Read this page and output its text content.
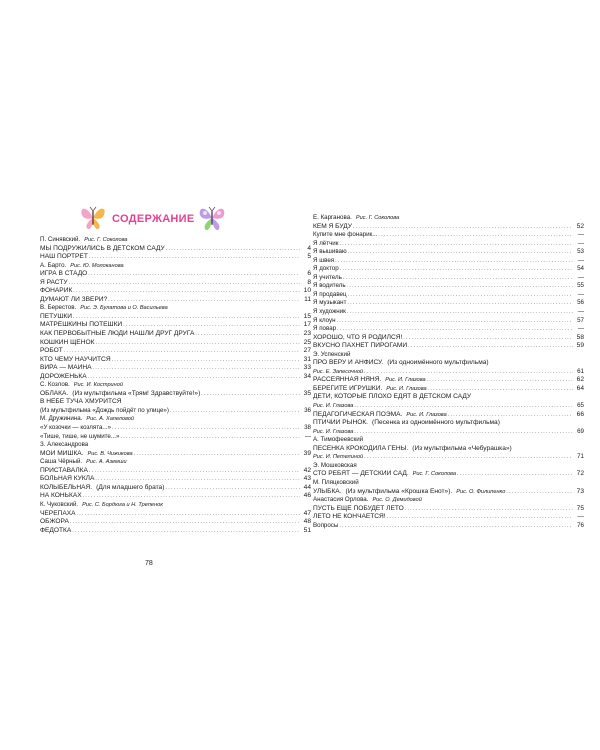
СОДЕРЖАНИЕ
П. Синявский. Рис. Г. Соколова
МЫ ПОДРУЖИЛИСЬ В ДЕТСКОМ САДУ . . .	4
НАШ ПОРТРЕТ . . .	5
А. Барто. Рис. Ю. Молоканова
ИГРА В СТАДО . . .	6
Я РАСТУ . . .	8
ФОНАРИК . . .	10
ДУМАЮТ ЛИ ЗВЕРИ? . . .	11
В. Берестов. Рис. Э. Булатова и О. Васильева
ПЕТУШКИ . . .	15
МАТРЁШКИНЫ ПОТЕШКИ . . .	17
КАК ПЕРВОБЫТНЫЕ ЛЮДИ НАШЛИ ДРУГ ДРУГА . . .	23
КОШКИН ЩЕНОК . . .	25
РОБОТ . . .	27
КТО ЧЕМУ НАУЧИТСЯ . . .	31
ВИРА — МАЙНА . . .	33
ДОРОЖЕНЬКА . . .	34
С. Козлов. Рис. И. Костриной
ОБЛАКА. (Из мультфильма «Трям! Здравствуйте!») . . .	35
В НЕБЕ ТУЧА ХМУРИТСЯ
(Из мультфильма «Дождь пойдёт по улице») . . .	36
М. Дружинина. Рис. А. Хапеловой
«У козочки — козлята...» . . .	38
«Тише, тише, не шумите...» . . .	—
З. Александрова
МОЙ МИШКА. Рис. В. Чижикова . . .	39
Саша Чёрный. Рис. А. Аземши
ПРИСТАВАЛКА . . .	42
БОЛЬНАЯ КУКЛА . . .	43
КОЛЫБЕЛЬНАЯ. (Для младшего брата) . . .	44
НА КОНЬКАХ . . .	46
К. Чуковский. Рис. С. Бордюга и Н. Трепенок
ЧЕРЕПАХА . . .	47
ОБЖОРА . . .	48
ФЕДОТКА . . .	51
Е. Карганова. Рис. Г. Соколова
КЕМ Я БУДУ . . .	52
Купите мне фонарик... . . .	—
Я лётчик . . .	—
Я вышиваю . . .	53
Я швея . . .	—
Я доктор . . .	54
Я учитель . . .	—
Я водитель . . .	55
Я продавец . . .	—
Я музыкант . . .	56
Я художник . . .	—
Я клоун . . .	57
Я повар . . .	—
ХОРОШО, ЧТО Я РОДИЛСЯ! . . .	58
ВКУСНО ПАХНЕТ ПИРОГАМИ . . .	59
Э. Успенский
ПРО ВЕРУ И АНФИСУ. (Из одноимённого мультфильма)
Рис. Е. Запесочной . . .	61
РАССЕЯННАЯ НЯНЯ. Рис. И. Глазова . . .	62
БЕРЕГИТЕ ИГРУШКИ. Рис. И. Глазова . . .	64
ДЕТИ, КОТОРЫЕ ПЛОХО ЕДЯТ В ДЕТСКОМ САДУ
Рис. И. Глазова . . .	65
ПЕДАГОГИЧЕСКАЯ ПОЭМА. Рис. И. Глазова . . .	66
ПТИЧИЙ РЫНОК. (Песенка из одноимённого мультфильма)
Рис. И. Глазова . . .	69
А. Тимофеевский
ПЕСЕНКА КРОКОДИЛА ГЕНЫ. (Из мультфильма «Чебурашка»)
Рис. И. Петелиной . . .	71
Э. Мошковская
СТО РЕБЯТ — ДЕТСКИЙ САД. Рис. Г. Соколова . . .	72
М. Пляцковский
УЛЫБКА. (Из мультфильма «Крошка Енот»). Рис. О. Филипенко . . .	73
Анастасия Орлова. Рис. О. Демидовой
ПУСТЬ ЕЩЁ ПОБУДЕТ ЛЕТО . . .	75
ЛЕТО НЕ КОНЧАЕТСЯ! . . .	—
Вопросы . . .	76
78
